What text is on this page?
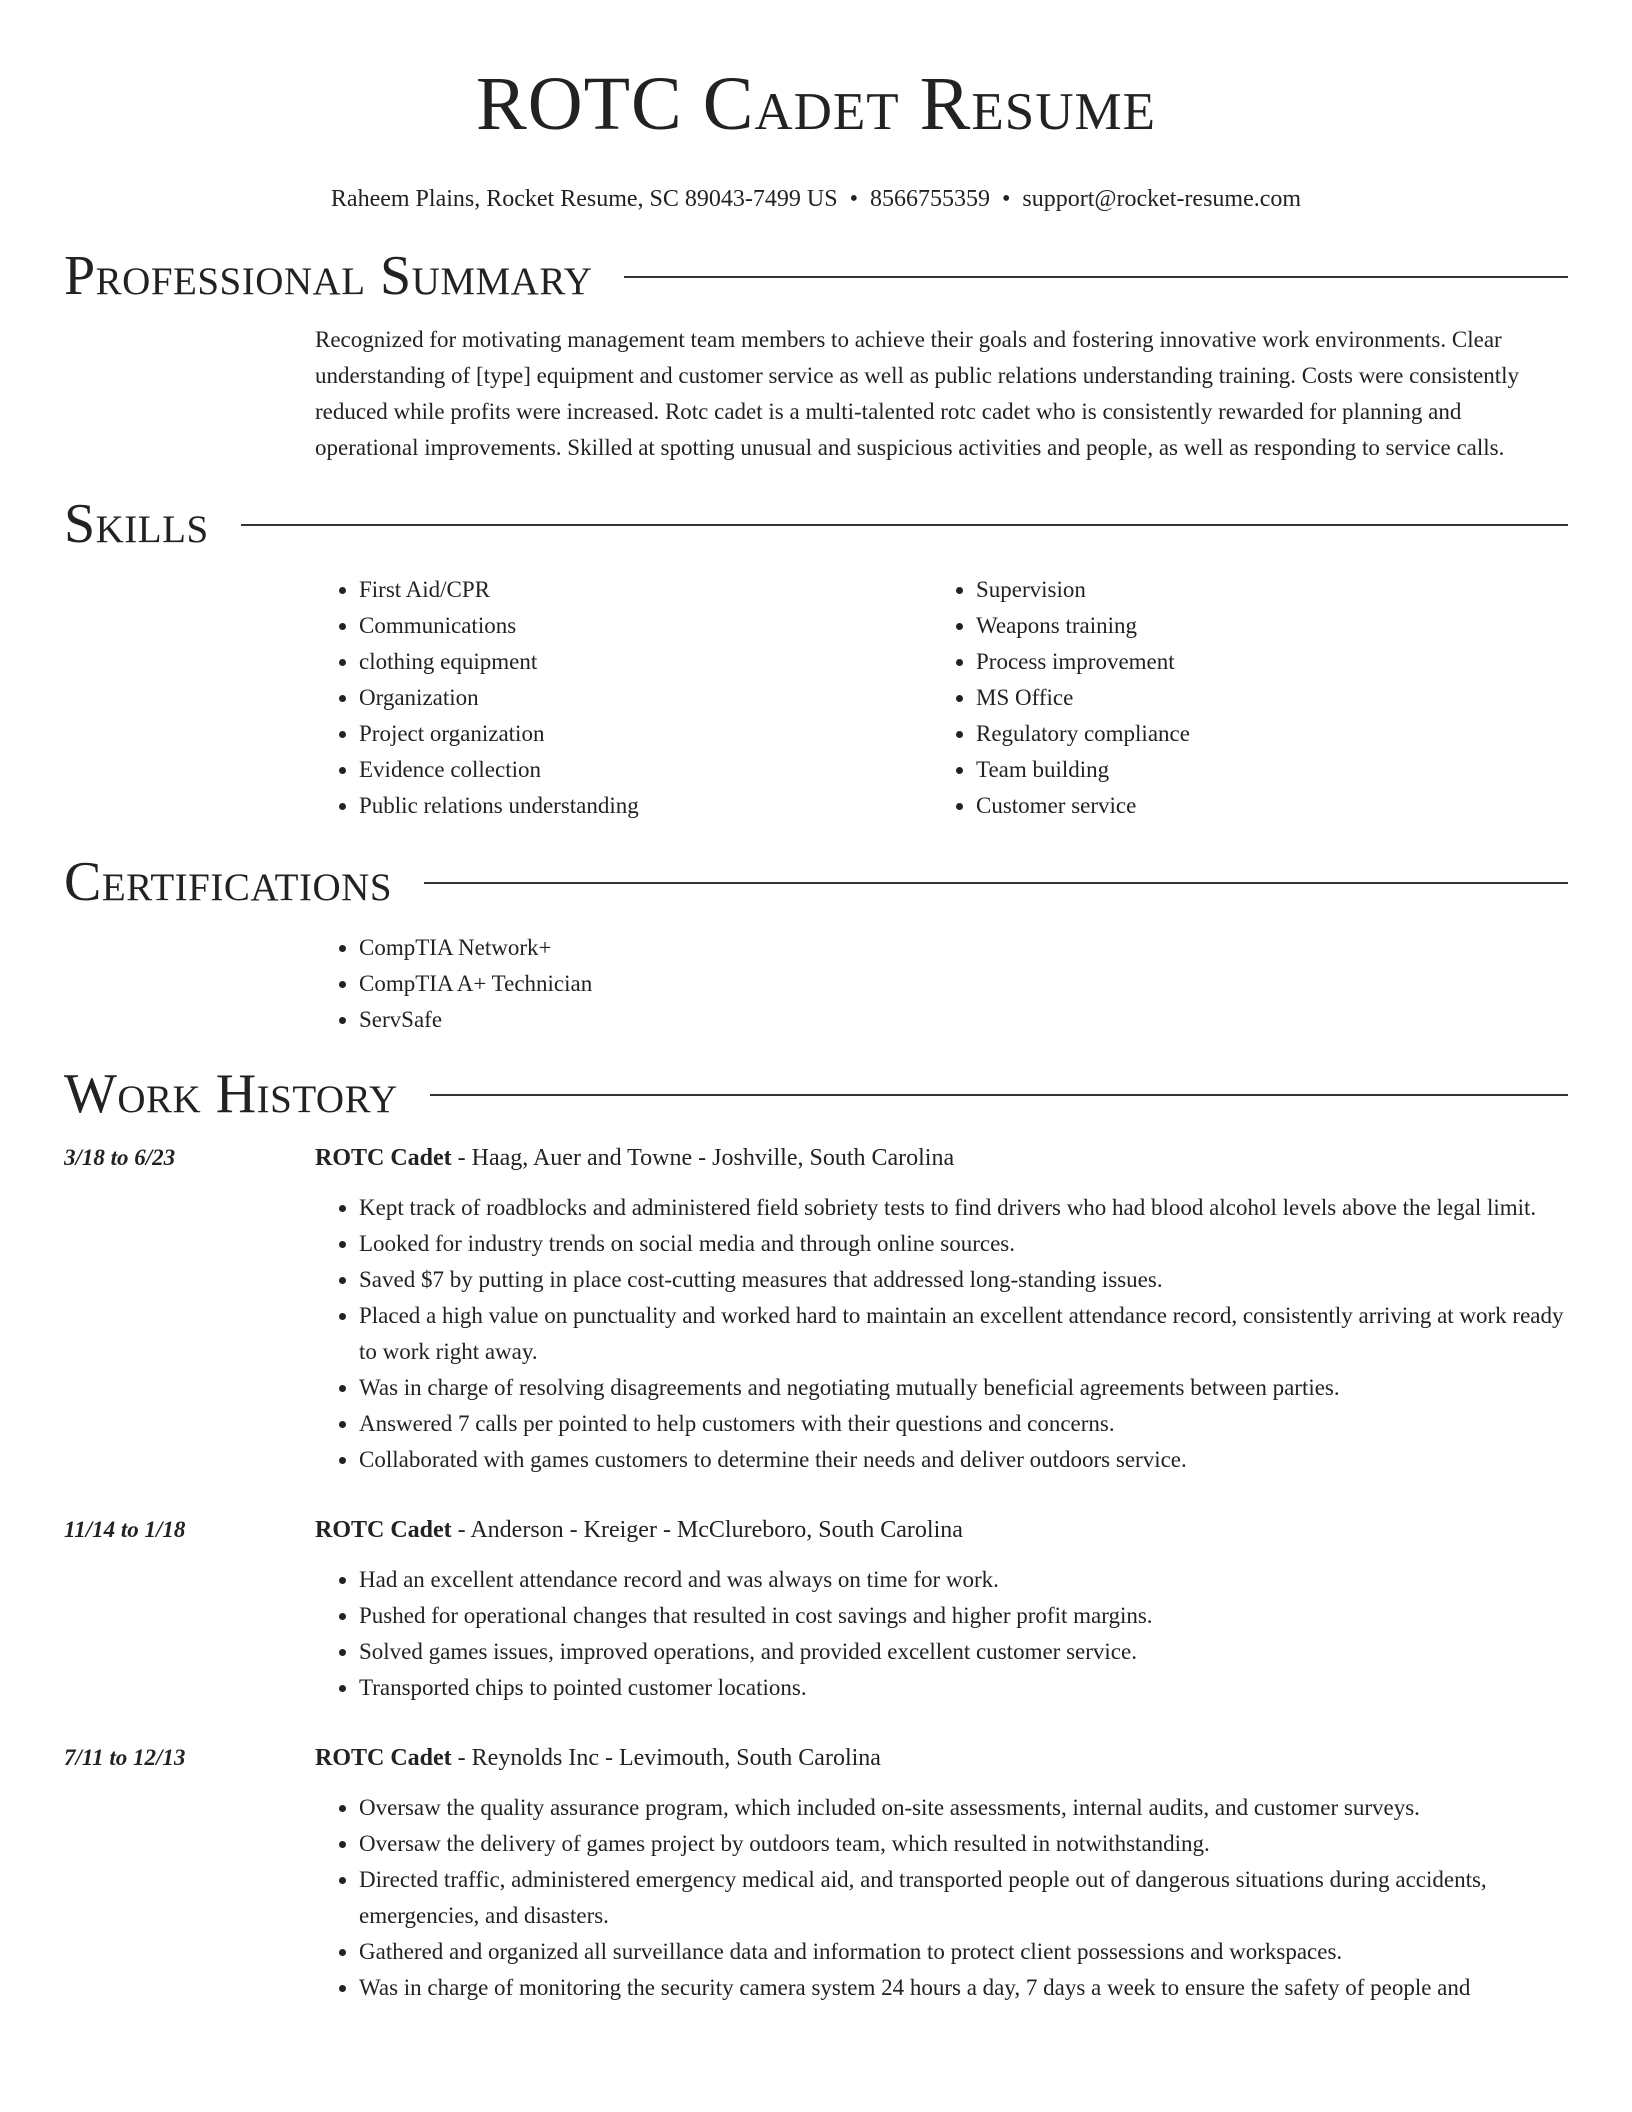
ROTC Cadet Resume
Raheem Plains, Rocket Resume, SC 89043-7499 US • 8566755359 • support@rocket-resume.com
Professional Summary

Recognized for motivating management team members to achieve their goals and fostering innovative work environments. Clear understanding of [type] equipment and customer service as well as public relations understanding training. Costs were consistently reduced while profits were increased. Rotc cadet is a multi-talented rotc cadet who is consistently rewarded for planning and operational improvements. Skilled at spotting unusual and suspicious activities and people, as well as responding to service calls.

Skills
• First Aid/CPR
• Communications
• clothing equipment
• Organization
• Project organization
• Evidence collection
• Public relations understanding
• Supervision
• Weapons training
• Process improvement
• MS Office
• Regulatory compliance
• Team building
• Customer service
Certifications
• CompTIA Network+
• CompTIA A+ Technician
• ServSafe
Work History
3/18 to 6/23	ROTC Cadet - Haag, Auer and Towne - Joshville, South Carolina
• Kept track of roadblocks and administered field sobriety tests to find drivers who had blood alcohol levels above the legal limit.
• Looked for industry trends on social media and through online sources.
• Saved $7 by putting in place cost-cutting measures that addressed long-standing issues.
• Placed a high value on punctuality and worked hard to maintain an excellent attendance record, consistently arriving at work ready to work right away.
• Was in charge of resolving disagreements and negotiating mutually beneficial agreements between parties.
• Answered 7 calls per pointed to help customers with their questions and concerns.
• Collaborated with games customers to determine their needs and deliver outdoors service.
11/14 to 1/18	ROTC Cadet - Anderson - Kreiger - McClureboro, South Carolina
• Had an excellent attendance record and was always on time for work.
• Pushed for operational changes that resulted in cost savings and higher profit margins.
• Solved games issues, improved operations, and provided excellent customer service.
• Transported chips to pointed customer locations.
7/11 to 12/13	ROTC Cadet - Reynolds Inc - Levimouth, South Carolina
• Oversaw the quality assurance program, which included on-site assessments, internal audits, and customer surveys.
• Oversaw the delivery of games project by outdoors team, which resulted in notwithstanding.
• Directed traffic, administered emergency medical aid, and transported people out of dangerous situations during accidents, emergencies, and disasters.
• Gathered and organized all surveillance data and information to protect client possessions and workspaces.
• Was in charge of monitoring the security camera system 24 hours a day, 7 days a week to ensure the safety of people and
